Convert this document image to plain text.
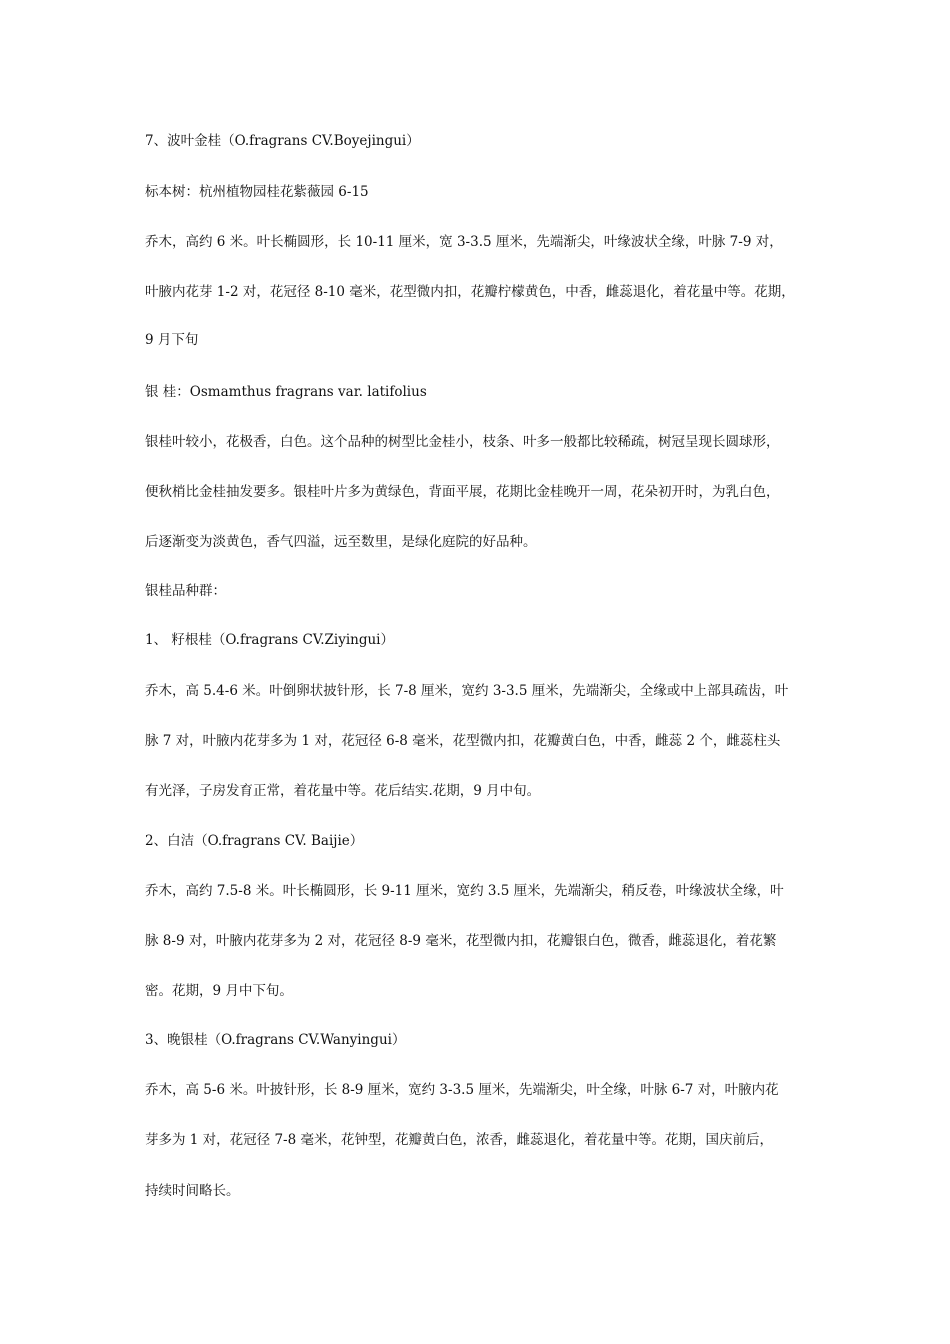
7、波叶金桂（O.fragrans CV.Boyejingui）
标本树：杭州植物园桂花紫薇园 6-15
乔木，高约 6 米。叶长椭圆形，长 10-11 厘米，宽 3-3.5 厘米，先端渐尖，叶缘波状全缘，叶脉 7-9 对，
叶腋内花芽 1-2 对，花冠径 8-10 毫米，花型微内扣，花瓣柠檬黄色，中香，雌蕊退化，着花量中等。花期，
9 月下旬
银 桂：Osmamthus fragrans var. latifolius
银桂叶较小，花极香，白色。这个品种的树型比金桂小，枝条、叶多一般都比较稀疏，树冠呈现长圆球形，
便秋梢比金桂抽发要多。银桂叶片多为黄绿色，背面平展，花期比金桂晚开一周，花朵初开时，为乳白色，
后逐渐变为淡黄色，香气四溢，远至数里，是绿化庭院的好品种。
银桂品种群：
1、 籽根桂（O.fragrans CV.Ziyingui）
乔木，高 5.4-6 米。叶倒卵状披针形，长 7-8 厘米，宽约 3-3.5 厘米，先端渐尖，全缘或中上部具疏齿，叶
脉 7 对，叶腋内花芽多为 1 对，花冠径 6-8 毫米，花型微内扣，花瓣黄白色，中香，雌蕊 2 个，雌蕊柱头
有光泽，子房发育正常，着花量中等。花后结实.花期，9 月中旬。
2、白洁（O.fragrans CV. Baijie）
乔木，高约 7.5-8 米。叶长椭圆形，长 9-11 厘米，宽约 3.5 厘米，先端渐尖，稍反卷，叶缘波状全缘，叶
脉 8-9 对，叶腋内花芽多为 2 对，花冠径 8-9 毫米，花型微内扣，花瓣银白色，微香，雌蕊退化，着花繁
密。花期，9 月中下旬。
3、晚银桂（O.fragrans CV.Wanyingui）
乔木，高 5-6 米。叶披针形，长 8-9 厘米，宽约 3-3.5 厘米，先端渐尖，叶全缘，叶脉 6-7 对，叶腋内花
芽多为 1 对，花冠径 7-8 毫米，花钟型，花瓣黄白色，浓香，雌蕊退化，着花量中等。花期，国庆前后，
持续时间略长。
